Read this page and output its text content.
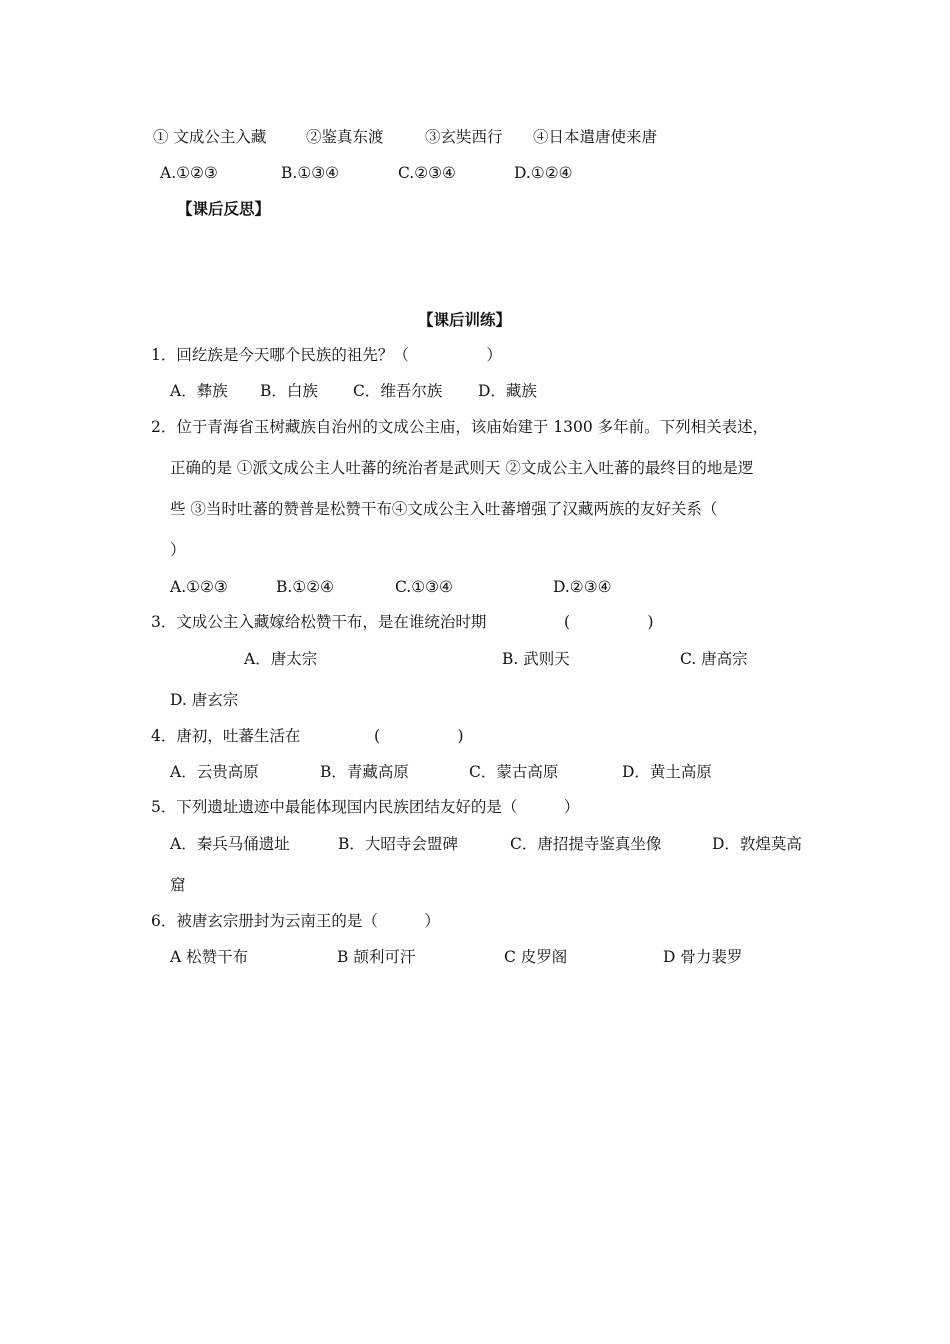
① 文成公主入藏	②鉴真东渡	③玄奘西行 ④日本遣唐使来唐
A.①②③	B.①③④	C.②③④	D.①②④
【课后反思】
【课后训练】
1．回纥族是今天哪个民族的祖先？（　　　　　）
A．彝族 B．白族 C．维吾尔族 D．藏族
2．位于青海省玉树藏族自治州的文成公主庙，该庙始建于 1300 多年前。下列相关表述，
正确的是 ①派文成公主人吐蕃的统治者是武则天 ②文成公主入吐蕃的最终目的地是逻
些 ③当时吐蕃的赞普是松赞干布④文成公主入吐蕃增强了汉藏两族的友好关系（
）
A.①②③	B.①②④	C.①③④	D.②③④
3．文成公主入藏嫁给松赞干布，是在谁统治时期	(　　　　　)
A．唐太宗	B. 武则天	C. 唐高宗
D. 唐玄宗
4．唐初，吐蕃生活在	(　　　　　)
A．云贵高原	B．青藏高原	C．蒙古高原	D．黄土高原
5．下列遗址遗迹中最能体现国内民族团结友好的是（　　　）
A．秦兵马俑遗址	B．大昭寺会盟碑	C．唐招提寺鉴真坐像	D．敦煌莫高
窟
6．被唐玄宗册封为云南王的是（　　　）
A 松赞干布	B 颉利可汗	C 皮罗阁	D 骨力裴罗
